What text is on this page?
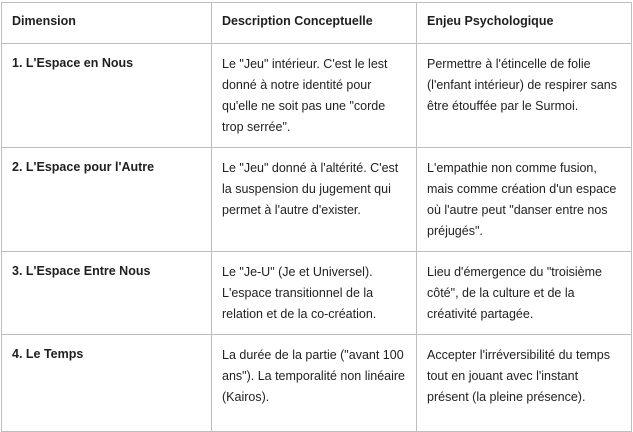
Dimension	Description Conceptuelle	Enjeu Psychologique
1. L'Espace en Nous	Le "Jeu" intérieur. C'est le lest donné à notre identité pour qu'elle ne soit pas une "corde trop serrée".	Permettre à l'étincelle de folie (l'enfant intérieur) de respirer sans être étouffée par le Surmoi.
2. L'Espace pour l'Autre	Le "Jeu" donné à l'altérité. C'est la suspension du jugement qui permet à l'autre d'exister.	L'empathie non comme fusion, mais comme création d'un espace où l'autre peut "danser entre nos préjugés".
3. L'Espace Entre Nous	Le "Je-U" (Je et Universel). L'espace transitionnel de la relation et de la co-création.	Lieu d'émergence du "troisième côté", de la culture et de la créativité partagée.
4. Le Temps	La durée de la partie ("avant 100 ans"). La temporalité non linéaire (Kairos).	Accepter l'irréversibilité du temps tout en jouant avec l'instant présent (la pleine présence).
